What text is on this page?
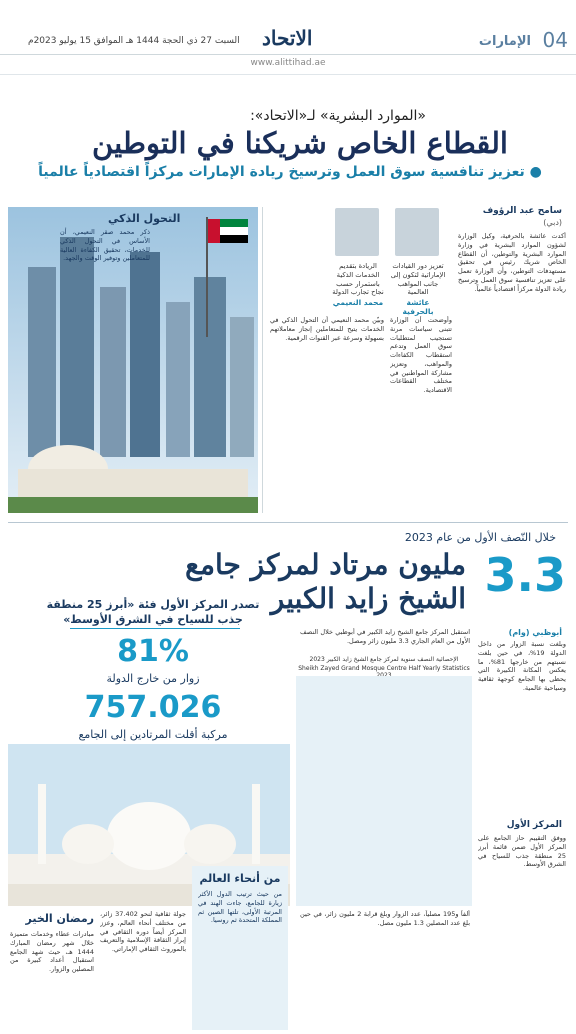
04
الإمارات
الاتحاد
السبت 27 ذي الحجة 1444 هـ الموافق 15 يوليو 2023م
www.alittihad.ae
«الموارد البشرية» لـ«الاتحاد»:
القطاع الخاص شريكنا في التوطين
● تعزيز تنافسية سوق العمل وترسيخ ريادة الإمارات مركزاً اقتصادياً عالمياً
التحول الذكي
ذكر محمد صقر النعيمي، أن الأساس في التحول الذكي للخدمات، تحقيق الكفاءة العالية للمتعاملين وتوفير الوقت والجهد.
تعزيز دور القيادات الإماراتية لتكون إلى جانب المواهب العالمية
عائشة بالحرفية
الريادة بتقديم الخدمات الذكية باستمرار حسب نجاح تجارب الدولة
محمد النعيمي
سامح عبد الرؤوف
(دبي)
أكدت عائشة بالحرفية، وكيل الوزارة لشؤون الموارد البشرية في وزارة الموارد البشرية والتوطين، أن القطاع الخاص شريك رئيس في تحقيق مستهدفات التوطين، وأن الوزارة تعمل على تعزيز تنافسية سوق العمل وترسيخ ريادة الدولة مركزاً اقتصادياً عالمياً.
وأوضحت أن الوزارة تتبنى سياسات مرنة تستجيب لمتطلبات سوق العمل وتدعم استقطاب الكفاءات والمواهب، وتعزيز مشاركة المواطنين في مختلف القطاعات الاقتصادية.
وبيّن محمد النعيمي أن التحول الذكي في الخدمات يتيح للمتعاملين إنجاز معاملاتهم بسهولة وسرعة عبر القنوات الرقمية.
خلال النّصف الأول من عام 2023
3.3
مليون مرتاد لمركز جامع
الشيخ زايد الكبير
تصدر المركز الأول فئة «أبرز 25 منطقة جذب للسياح في الشرق الأوسط»
81%
زوار من خارج الدولة
757.026
مركبة أقلت المرتادين إلى الجامع
الإحصائية النصف سنوية لمركز جامع الشيخ زايد الكبير 2023
Sheikh Zayed Grand Mosque Centre Half Yearly Statistics
أبوظبي (وام)
وبلغت نسبة الزوار من داخل الدولة 19%، في حين بلغت نسبتهم من خارجها 81%، ما يعكس المكانة الكبيرة التي يحظى بها الجامع كوجهة ثقافية وسياحية عالمية.
استقبل المركز جامع الشيخ زايد الكبير في أبوظبي خلال النصف الأول من العام الجاري 3.3 مليون زائر ومصل.
المركز الأول
ووفق التقييم حاز الجامع على المركز الأول ضمن قائمة أبرز 25 منطقة جذب للسياح في الشرق الأوسط.
ألفاً و195 مصلياً، عدد الزوار وبلغ قرابة 2 مليون زائر، في حين بلغ عدد المصلين 1.3 مليون مصل.
من أنحاء العالم
من حيث ترتيب الدول الأكثر زيارة للجامع، جاءت الهند في المرتبة الأولى، تلتها الصين ثم المملكة المتحدة ثم روسيا.
جولة ثقافية لنحو 37.402 زائر، من مختلف أنحاء العالم، وعزز المركز أيضاً دوره الثقافي في إبراز الثقافة الإسلامية والتعريف بالموروث الثقافي الإماراتي.
رمضان الخير
مبادرات عطاء وخدمات متميزة خلال شهر رمضان المبارك 1444 هـ، حيث شهد الجامع استقبال أعداد كبيرة من المصلين والزوار.
